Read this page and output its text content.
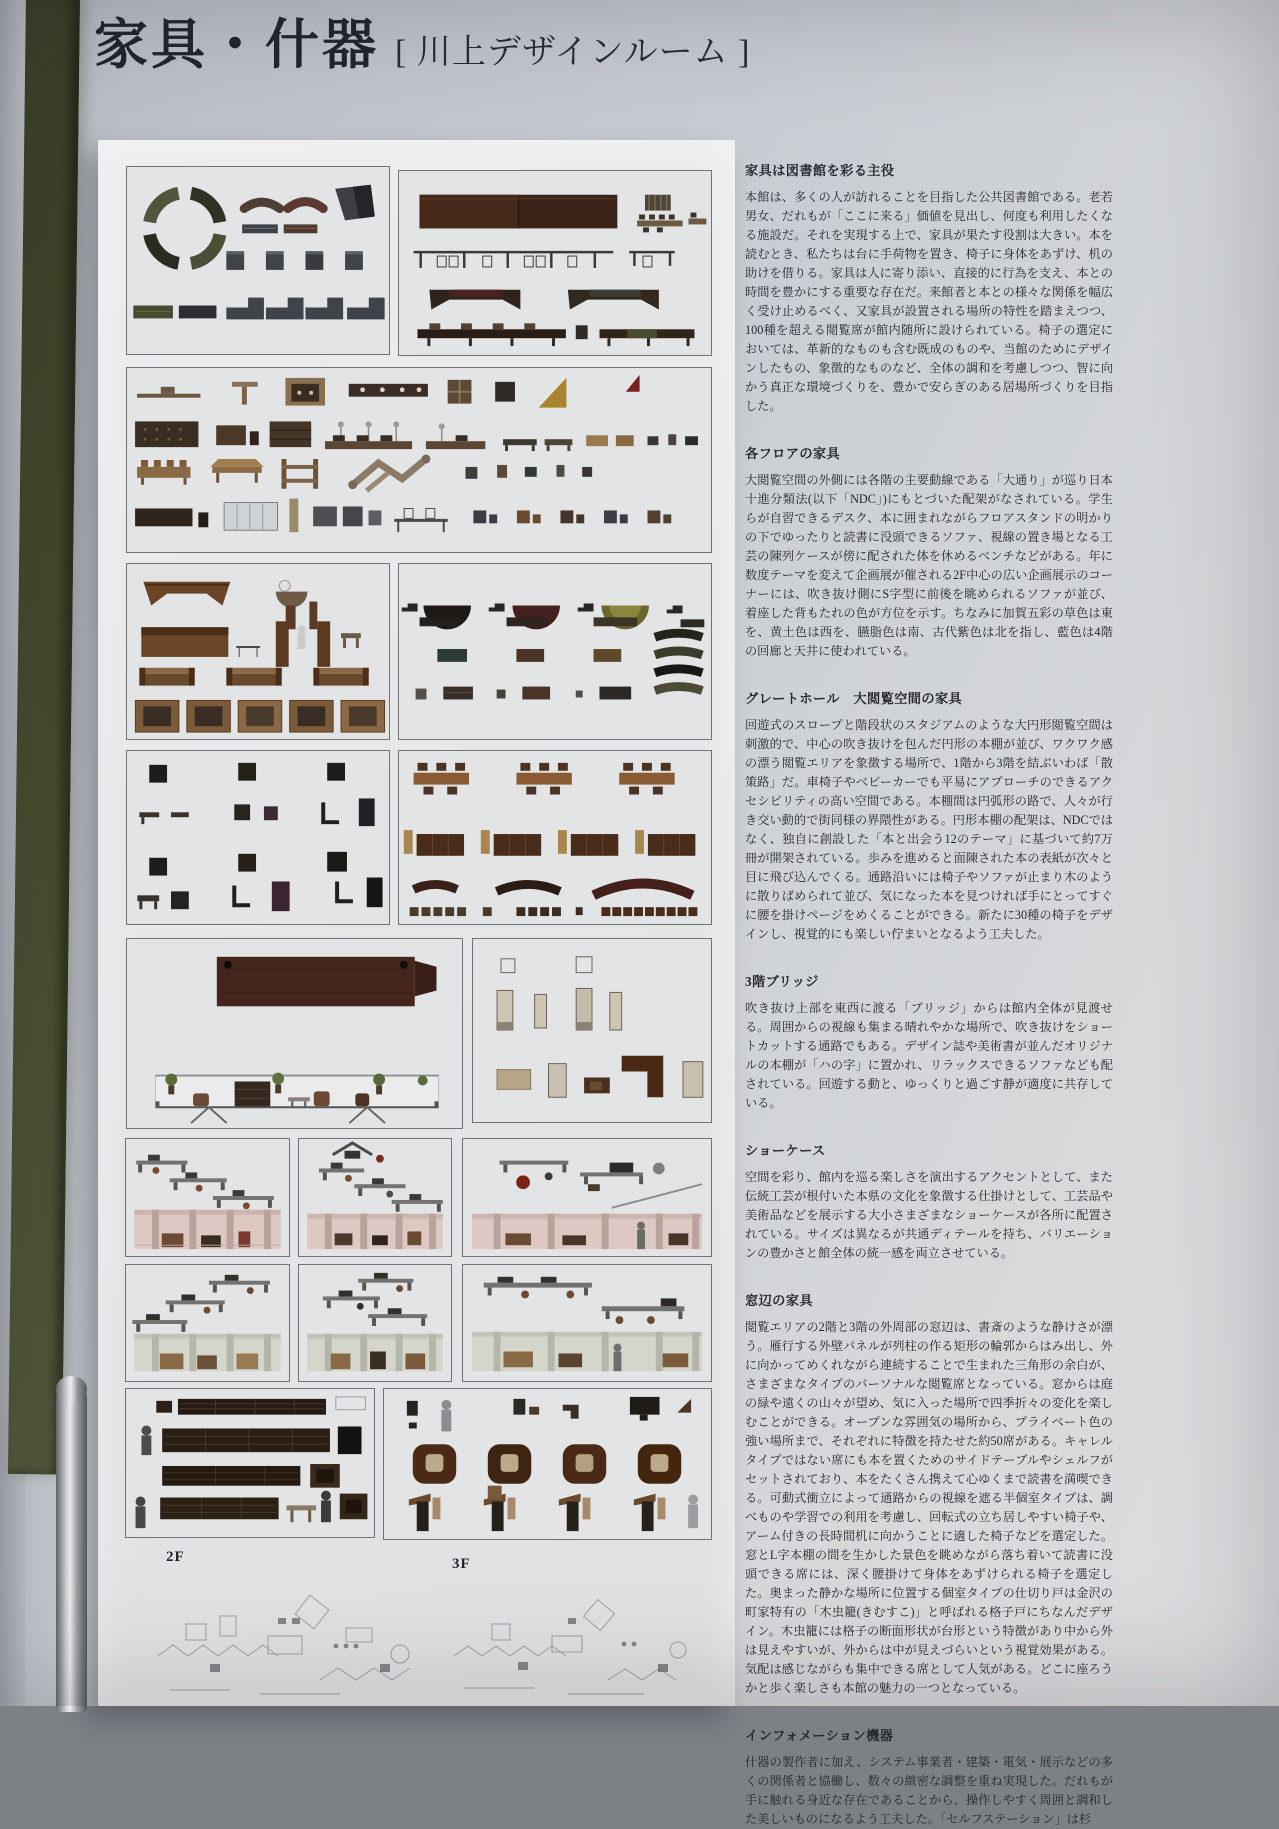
家具・什器 [ 川上デザインルーム ]
2F	3F
家具は図書館を彩る主役

本館は、多くの人が訪れることを目指した公共図書館である。老若男女、だれもが「ここに来る」価値を見出し、何度も利用したくなる施設だ。それを実現する上で、家具が果たす役割は大きい。本を読むとき、私たちは台に手荷物を置き、椅子に身体をあずけ、机の助けを借りる。家具は人に寄り添い、直接的に行為を支え、本との時間を豊かにする重要な存在だ。来館者と本との様々な関係を幅広く受け止めるべく、又家具が設置される場所の特性を踏まえつつ、100種を超える閲覧席が館内随所に設けられている。椅子の選定においては、革新的なものも含む既成のものや、当館のためにデザインしたもの、象徴的なものなど、全体の調和を考慮しつつ、智に向かう真正な環境づくりを、豊かで安らぎのある居場所づくりを目指した。

各フロアの家具

大閲覧空間の外側には各階の主要動線である「大通り」が巡り日本十進分類法(以下「NDC」)にもとづいた配架がなされている。学生らが自習できるデスク、本に囲まれながらフロアスタンドの明かりの下でゆったりと読書に没頭できるソファ、視線の置き場となる工芸の陳列ケースが傍に配された体を休めるベンチなどがある。年に数度テーマを変えて企画展が催される2F中心の広い企画展示のコーナーには、吹き抜け側にS字型に前後を眺められるソファが並び、着座した背もたれの色が方位を示す。ちなみに加賀五彩の草色は東を、黄土色は西を、臙脂色は南、古代紫色は北を指し、藍色は4階の回廊と天井に使われている。

グレートホール　大閲覧空間の家具

回遊式のスロープと階段状のスタジアムのような大円形閲覧空間は刺激的で、中心の吹き抜けを包んだ円形の本棚が並び、ワクワク感の漂う閲覧エリアを象徴する場所で、1階から3階を結ぶいわば「散策路」だ。車椅子やベビーカーでも平易にアプローチのできるアクセシビリティの高い空間である。本棚間は円弧形の路で、人々が行き交い動的で街同様の界隈性がある。円形本棚の配架は、NDCではなく、独自に創設した「本と出会う12のテーマ」に基づいて約7万冊が開架されている。歩みを進めると面陳された本の表紙が次々と目に飛び込んでくる。通路沿いには椅子やソファが止まり木のように散りばめられて並び、気になった本を見つければ手にとってすぐに腰を掛けページをめくることができる。新たに30種の椅子をデザインし、視覚的にも楽しい佇まいとなるよう工夫した。

3階ブリッジ

吹き抜け上部を東西に渡る「ブリッジ」からは館内全体が見渡せる。周囲からの視線も集まる晴れやかな場所で、吹き抜けをショートカットする通路でもある。デザイン誌や美術書が並んだオリジナルの本棚が「ハの字」に置かれ、リラックスできるソファなども配されている。回遊する動と、ゆっくりと過ごす静が適度に共存している。

ショーケース

空間を彩り、館内を巡る楽しさを演出するアクセントとして、また伝統工芸が根付いた本県の文化を象徴する仕掛けとして、工芸品や美術品などを展示する大小さまざまなショーケースが各所に配置されている。サイズは異なるが共通ディテールを持ち、バリエーションの豊かさと館全体の統一感を両立させている。

窓辺の家具

閲覧エリアの2階と3階の外周部の窓辺は、書斎のような静けさが漂う。雁行する外壁パネルが列柱の作る矩形の輪郭からはみ出し、外に向かってめくれながら連続することで生まれた三角形の余白が、さまざまなタイプのパーソナルな閲覧席となっている。窓からは庭の緑や遠くの山々が望め、気に入った場所で四季折々の変化を楽しむことができる。オープンな雰囲気の場所から、プライベート色の強い場所まで、それぞれに特徴を持たせた約50席がある。キャレルタイプではない席にも本を置くためのサイドテーブルやシェルフがセットされており、本をたくさん携えて心ゆくまで読書を満喫できる。可動式衝立によって通路からの視線を遮る半個室タイプは、調べものや学習での利用を考慮し、回転式の立ち居しやすい椅子や、アーム付きの長時間机に向かうことに適した椅子などを選定した。窓とL字本棚の間を生かした景色を眺めながら落ち着いて読書に没頭できる席には、深く腰掛けて身体をあずけられる椅子を選定した。奥まった静かな場所に位置する個室タイプの仕切り戸は金沢の町家特有の「木虫籠(きむすこ)」と呼ばれる格子戸にちなんだデザイン。木虫籠には格子の断面形状が台形という特徴があり中から外は見えやすいが、外からは中が見えづらいという視覚効果がある。気配は感じながらも集中できる席として人気がある。どこに座ろうかと歩く楽しさも本館の魅力の一つとなっている。

インフォメーション機器

什器の製作者に加え、システム事業者・建築・電気・展示などの多くの関係者と協働し、数々の緻密な調整を重ね実現した。だれもが手に触れる身近な存在であることから、操作しやすく周囲と調和した美しいものになるよう工夫した。「セルフステーション」は杉
